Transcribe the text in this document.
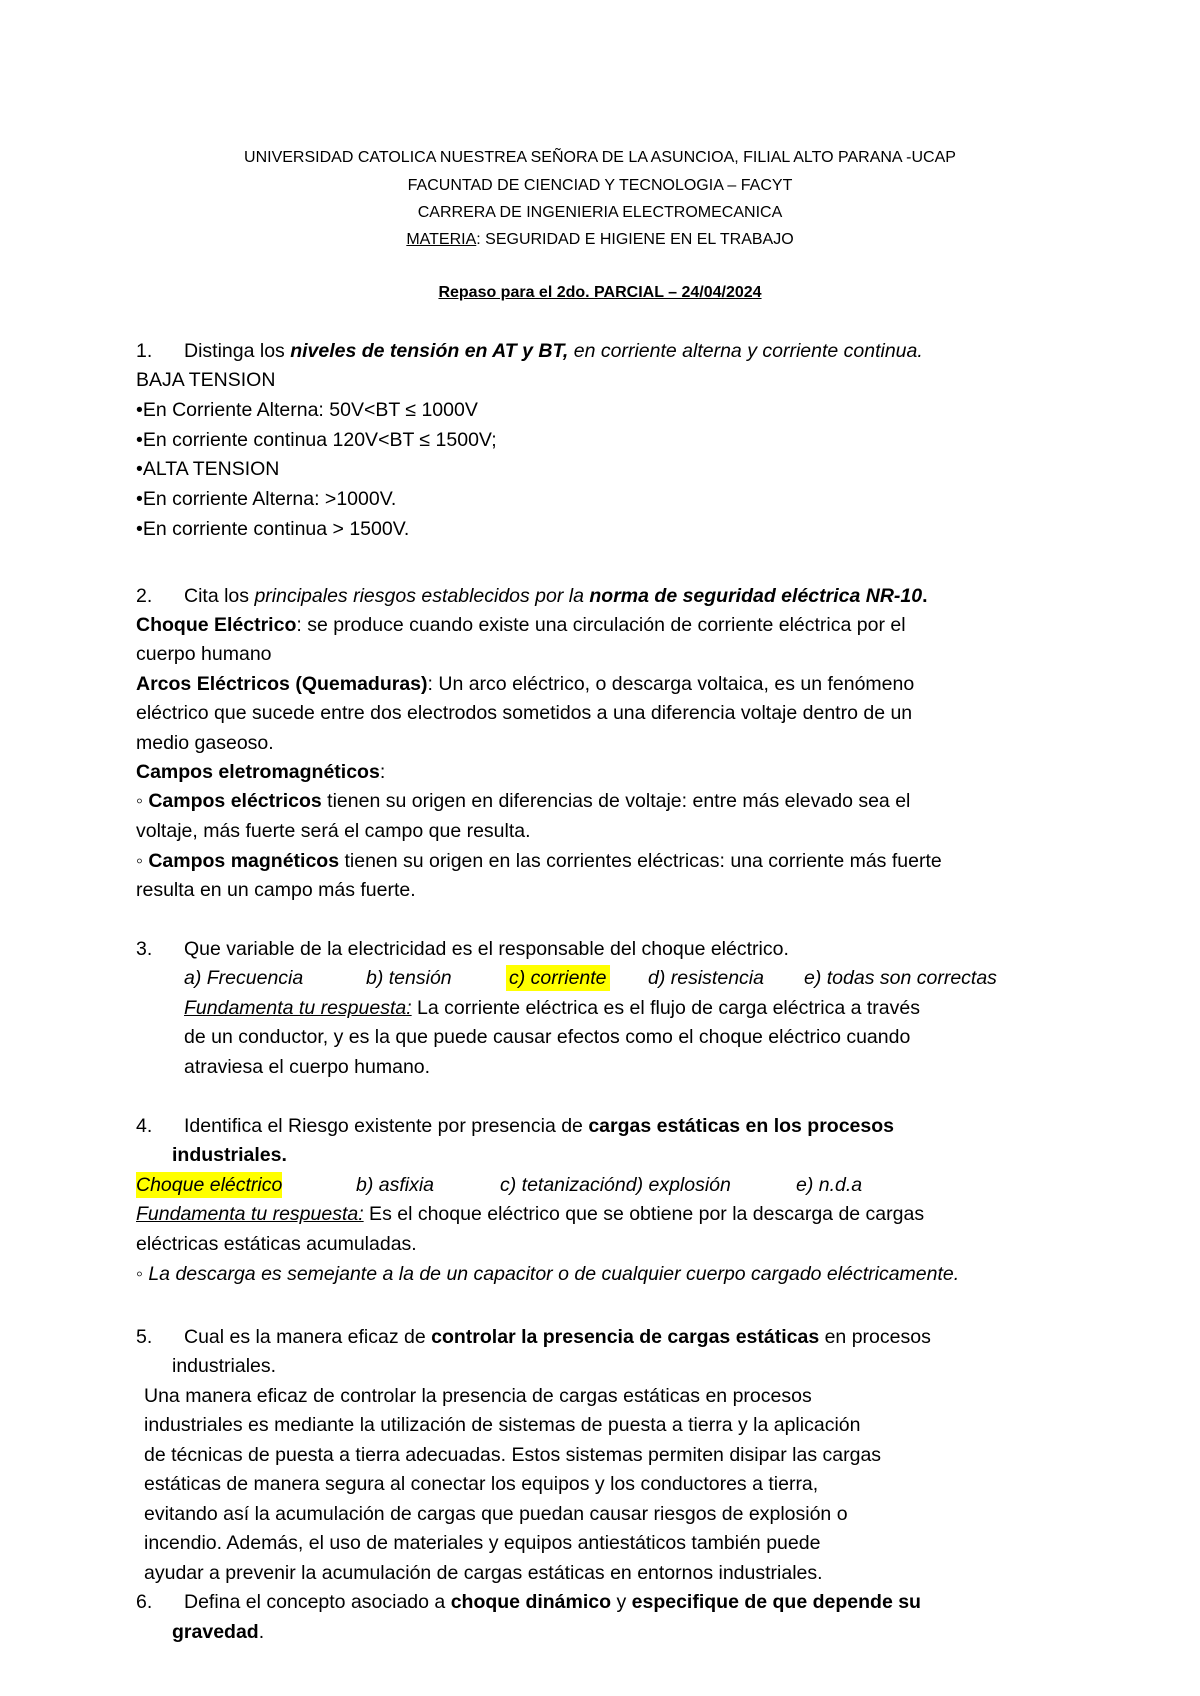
UNIVERSIDAD CATOLICA NUESTREA SEÑORA DE LA ASUNCIOA, FILIAL ALTO PARANA -UCAP
FACUNTAD DE CIENCIAD Y TECNOLOGIA – FACYT
CARRERA DE INGENIERIA ELECTROMECANICA
MATERIA: SEGURIDAD E HIGIENE EN EL TRABAJO
Repaso para el 2do. PARCIAL – 24/04/2024
1. Distinga los niveles de tensión en AT y BT, en corriente alterna y corriente continua.
BAJA TENSION
•En Corriente Alterna: 50V<BT ≤ 1000V
•En corriente continua 120V<BT ≤ 1500V;
•ALTA TENSION
•En corriente Alterna: >1000V.
•En corriente continua > 1500V.
2. Cita los principales riesgos establecidos por la norma de seguridad eléctrica NR-10.
Choque Eléctrico: se produce cuando existe una circulación de corriente eléctrica por el
cuerpo humano
Arcos Eléctricos (Quemaduras): Un arco eléctrico, o descarga voltaica, es un fenómeno
eléctrico que sucede entre dos electrodos sometidos a una diferencia voltaje dentro de un
medio gaseoso.
Campos eletromagnéticos:
◦ Campos eléctricos tienen su origen en diferencias de voltaje: entre más elevado sea el
voltaje, más fuerte será el campo que resulta.
◦ Campos magnéticos tienen su origen en las corrientes eléctricas: una corriente más fuerte
resulta en un campo más fuerte.
3. Que variable de la electricidad es el responsable del choque eléctrico.
a) Frecuencia	b) tensión	c) corriente d) resistencia e) todas son correctas
Fundamenta tu respuesta: La corriente eléctrica es el flujo de carga eléctrica a través
de un conductor, y es la que puede causar efectos como el choque eléctrico cuando
atraviesa el cuerpo humano.
4. Identifica el Riesgo existente por presencia de cargas estáticas en los procesos
industriales.
Choque eléctrico	b) asfixia	c) tetanizaciónd) explosión	e) n.d.a
Fundamenta tu respuesta: Es el choque eléctrico que se obtiene por la descarga de cargas
eléctricas estáticas acumuladas.
◦ La descarga es semejante a la de un capacitor o de cualquier cuerpo cargado eléctricamente.
5. Cual es la manera eficaz de controlar la presencia de cargas estáticas en procesos
industriales.
Una manera eficaz de controlar la presencia de cargas estáticas en procesos
industriales es mediante la utilización de sistemas de puesta a tierra y la aplicación
de técnicas de puesta a tierra adecuadas. Estos sistemas permiten disipar las cargas
estáticas de manera segura al conectar los equipos y los conductores a tierra,
evitando así la acumulación de cargas que puedan causar riesgos de explosión o
incendio. Además, el uso de materiales y equipos antiestáticos también puede
ayudar a prevenir la acumulación de cargas estáticas en entornos industriales.
6. Defina el concepto asociado a choque dinámico y especifique de que depende su
gravedad.
